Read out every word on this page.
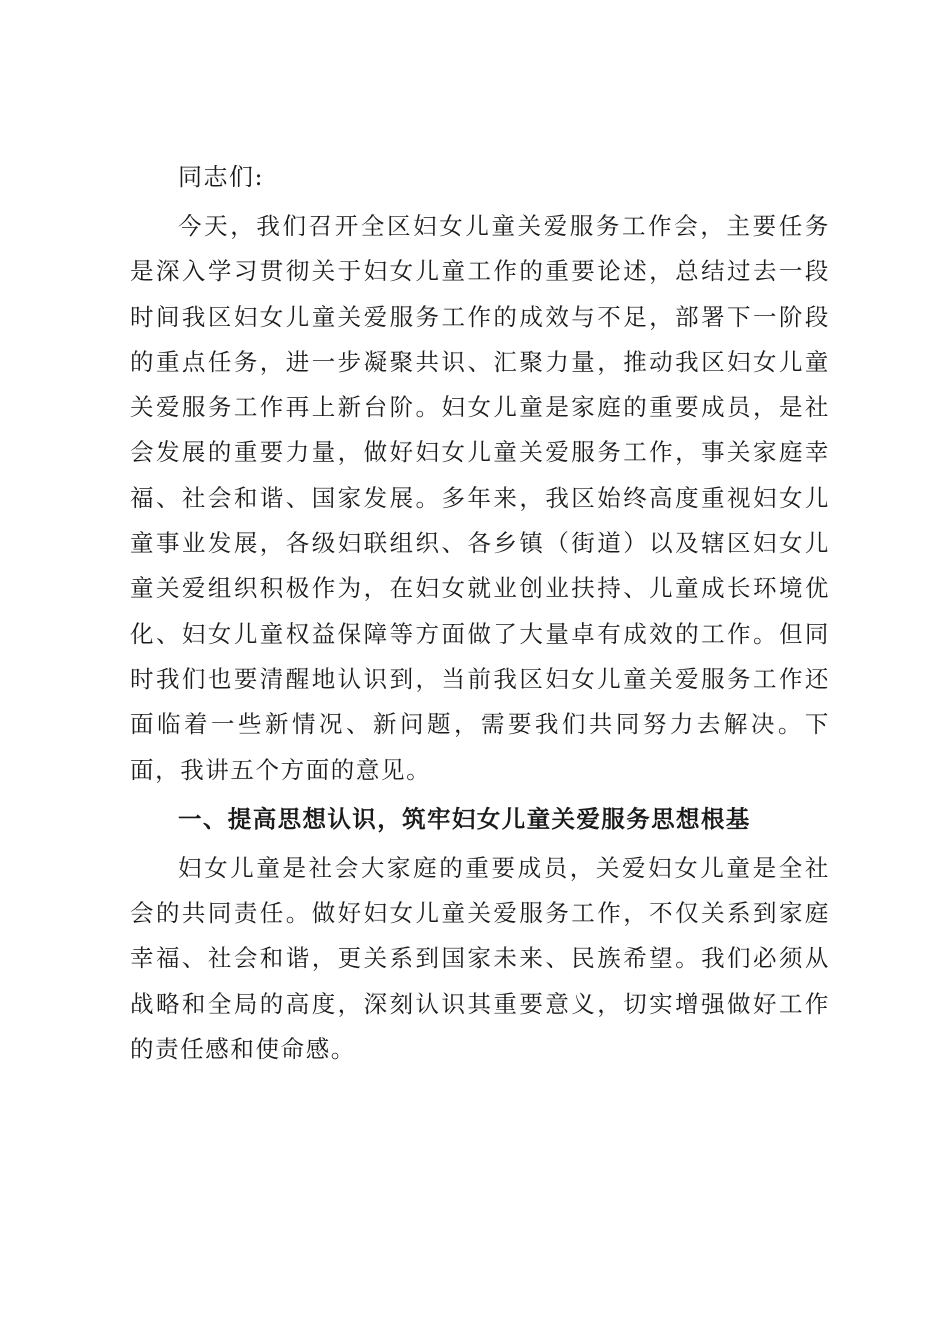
同志们:

今天，我们召开全区妇女儿童关爱服务工作会，主要任务是深入学习贯彻关于妇女儿童工作的重要论述，总结过去一段时间我区妇女儿童关爱服务工作的成效与不足，部署下一阶段的重点任务，进一步凝聚共识、汇聚力量，推动我区妇女儿童关爱服务工作再上新台阶。妇女儿童是家庭的重要成员，是社会发展的重要力量，做好妇女儿童关爱服务工作，事关家庭幸福、社会和谐、国家发展。多年来，我区始终高度重视妇女儿童事业发展，各级妇联组织、各乡镇（街道）以及辖区妇女儿童关爱组织积极作为，在妇女就业创业扶持、儿童成长环境优化、妇女儿童权益保障等方面做了大量卓有成效的工作。但同时我们也要清醒地认识到，当前我区妇女儿童关爱服务工作还面临着一些新情况、新问题，需要我们共同努力去解决。下面，我讲五个方面的意见。

一、提高思想认识，筑牢妇女儿童关爱服务思想根基

妇女儿童是社会大家庭的重要成员，关爱妇女儿童是全社会的共同责任。做好妇女儿童关爱服务工作，不仅关系到家庭幸福、社会和谐，更关系到国家未来、民族希望。我们必须从战略和全局的高度，深刻认识其重要意义，切实增强做好工作的责任感和使命感。
